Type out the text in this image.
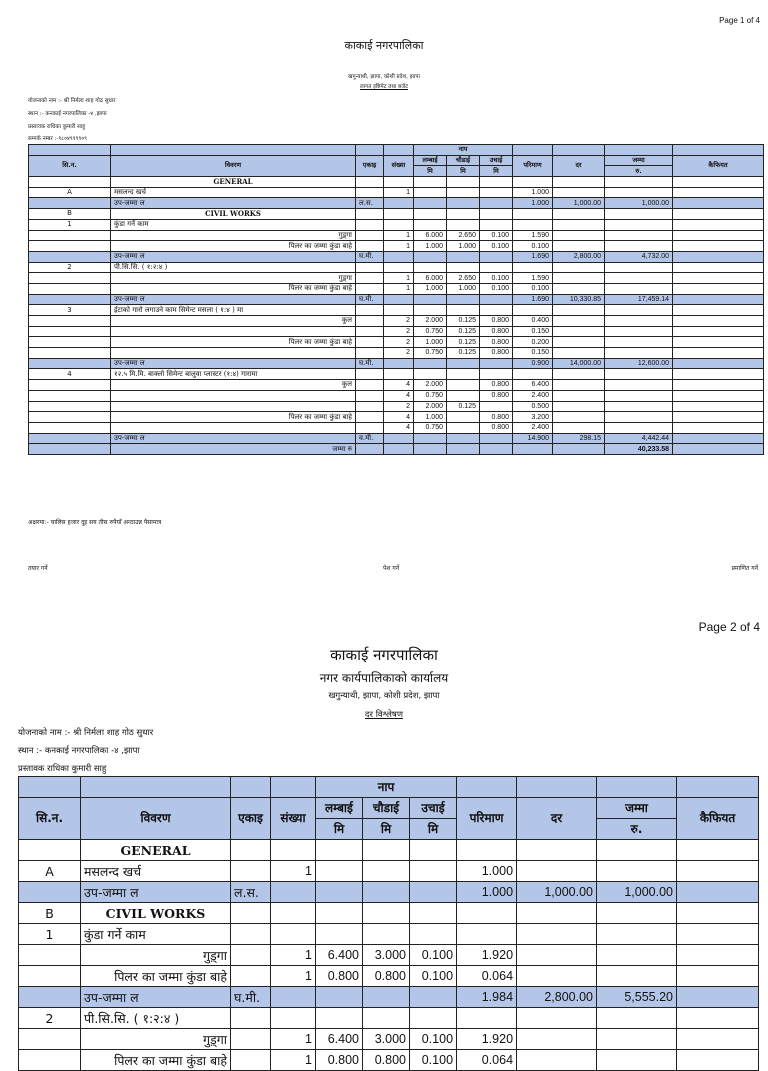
Page 1 of 4
काकाई नगरपालिका
खगुन्याथी, झापा, कोशी प्रदेश, झापा
लागत इष्टिमेट तथा बजेट
योजनाको नाम :- श्री निर्मला शाह गोठ सुधार
स्थान :- कनकाई नगरपालिका -४ ,झापा
प्रस्तावक राधिका कुमारी साहु
सम्पर्क नम्बर :-९८०४९९९९०९
				नाप						
सि.न.	विवरण	एकाइ	संख्या	लम्बाई	चौडाई	उचाई	परिमाण	दर	जम्मा	कैफियत
				मि	मि	मि			रु.	
	GENERAL									
A	मसलन्द खर्च		1				1.000			
	उप-जम्मा ल	ल.स.					1.000	1,000.00	1,000.00	
B	CIVIL WORKS									
1	कुंडा गर्ने काम									
	गुड़्गा		1	6.000	2.650	0.100	1.590			
	पिलर का जम्मा कुंडा बाहे		1	1.000	1.000	0.100	0.100			
	उप-जम्मा ल	घ.मी.					1.690	2,800.00	4,732.00	
2	पी.सि.सि. ( १:२:४ )									
	गुड़्गा		1	6.000	2.650	0.100	1.590			
	पिलर का जम्मा कुंडा बाहे		1	1.000	1.000	0.100	0.100			
	उप-जम्मा ल	घ.मी.					1.690	10,330.85	17,459.14	
3	ईटाको गारो लगाउने काम सिमेन्ट मसला ( १:४ ) मा									
	कुल		2	2.000	0.125	0.800	0.400			
			2	0.750	0.125	0.800	0.150			
	पिलर का जम्मा कुंडा बाहे		2	1.000	0.125	0.800	0.200			
			2	0.750	0.125	0.800	0.150			
	उप-जम्मा ल	घ.मी.					0.900	14,000.00	12,600.00	
4	१२.५ मि.मि. बाक्लो सिमेन्ट बालुवा प्लास्टर (१:४) गारामा									
	कुल		4	2.000		0.800	6.400			
			4	0.750		0.800	2.400			
			2	2.000	0.125		0.500			
	पिलर का जम्मा कुंडा बाहे		4	1.000		0.800	3.200			
			4	0.750		0.800	2.400			
	उप-जम्मा ल	व.मी.					14.900	298.15	4,442.44	
	जम्मा रु								40,233.58	
अक्षरमा:- चालिस हजार दुइ सय तीस रुपैयाँ अन्ठाउन्न पैसामात्र
तयार गर्ने	पेश गर्ने	प्रमाणित गर्ने
Page 2 of 4
काकाई नगरपालिका
नगर कार्यपालिकाको कार्यालय
खगुन्याथी, झापा, कोशी प्रदेश, झापा
दर विश्लेषण
योजनाको नाम :- श्री निर्मला शाह गोठ सुधार
स्थान :- कनकाई नगरपालिका -४ ,झापा
प्रस्तावक राधिका कुमारी साहु
				नाप						
सि.न.	विवरण	एकाइ	संख्या	लम्बाई	चौडाई	उचाई	परिमाण	दर	जम्मा	कैफियत
				मि	मि	मि			रु.	
	GENERAL									
A	मसलन्द खर्च		1				1.000			
	उप-जम्मा ल	ल.स.					1.000	1,000.00	1,000.00	
B	CIVIL WORKS									
1	कुंडा गर्ने काम									
	गुड़्गा		1	6.400	3.000	0.100	1.920			
	पिलर का जम्मा कुंडा बाहे		1	0.800	0.800	0.100	0.064			
	उप-जम्मा ल	घ.मी.					1.984	2,800.00	5,555.20	
2	पी.सि.सि. ( १:२:४ )									
	गुड़्गा		1	6.400	3.000	0.100	1.920			
	पिलर का जम्मा कुंडा बाहे		1	0.800	0.800	0.100	0.064			
